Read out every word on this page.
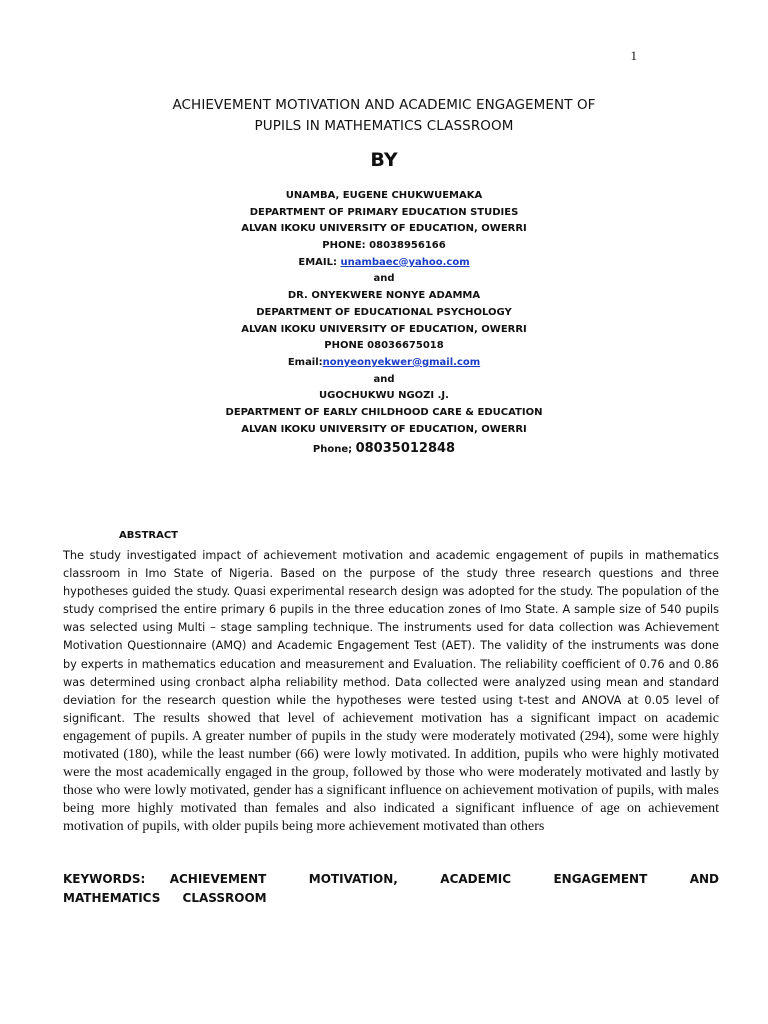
1
ACHIEVEMENT MOTIVATION AND ACADEMIC ENGAGEMENT OF
PUPILS IN MATHEMATICS CLASSROOM
BY
UNAMBA, EUGENE CHUKWUEMAKA
DEPARTMENT OF PRIMARY EDUCATION STUDIES
ALVAN IKOKU UNIVERSITY OF EDUCATION, OWERRI
PHONE: 08038956166
EMAIL: unambaec@yahoo.com
and
DR. ONYEKWERE NONYE ADAMMA
DEPARTMENT OF EDUCATIONAL PSYCHOLOGY
ALVAN IKOKU UNIVERSITY OF EDUCATION, OWERRI
PHONE 08036675018
Email:nonyeonyekwer@gmail.com
and
UGOCHUKWU NGOZI .J.
DEPARTMENT OF EARLY CHILDHOOD CARE & EDUCATION
ALVAN IKOKU UNIVERSITY OF EDUCATION, OWERRI
Phone; 08035012848
ABSTRACT
The study investigated impact of achievement motivation and academic engagement of pupils in mathematics classroom in Imo State of Nigeria. Based on the purpose of the study three research questions and three hypotheses guided the study. Quasi experimental research design was adopted for the study. The population of the study comprised the entire primary 6 pupils in the three education zones of Imo State. A sample size of 540 pupils was selected using Multi – stage sampling technique. The instruments used for data collection was Achievement Motivation Questionnaire (AMQ) and Academic Engagement Test (AET). The validity of the instruments was done by experts in mathematics education and measurement and Evaluation. The reliability coefficient of 0.76 and 0.86 was determined using cronbact alpha reliability method. Data collected were analyzed using mean and standard deviation for the research question while the hypotheses were tested using t-test and ANOVA at 0.05 level of significant. The results showed that level of achievement motivation has a significant impact on academic engagement of pupils. A greater number of pupils in the study were moderately motivated (294), some were highly motivated (180), while the least number (66) were lowly motivated. In addition, pupils who were highly motivated were the most academically engaged in the group, followed by those who were moderately motivated and lastly by those who were lowly motivated, gender has a significant influence on achievement motivation of pupils, with males being more highly motivated than females and also indicated a significant influence of age on achievement motivation of pupils, with older pupils being more achievement motivated than others
KEYWORDS: ACHIEVEMENT MOTIVATION, ACADEMIC ENGAGEMENT AND MATHEMATICS CLASSROOM
